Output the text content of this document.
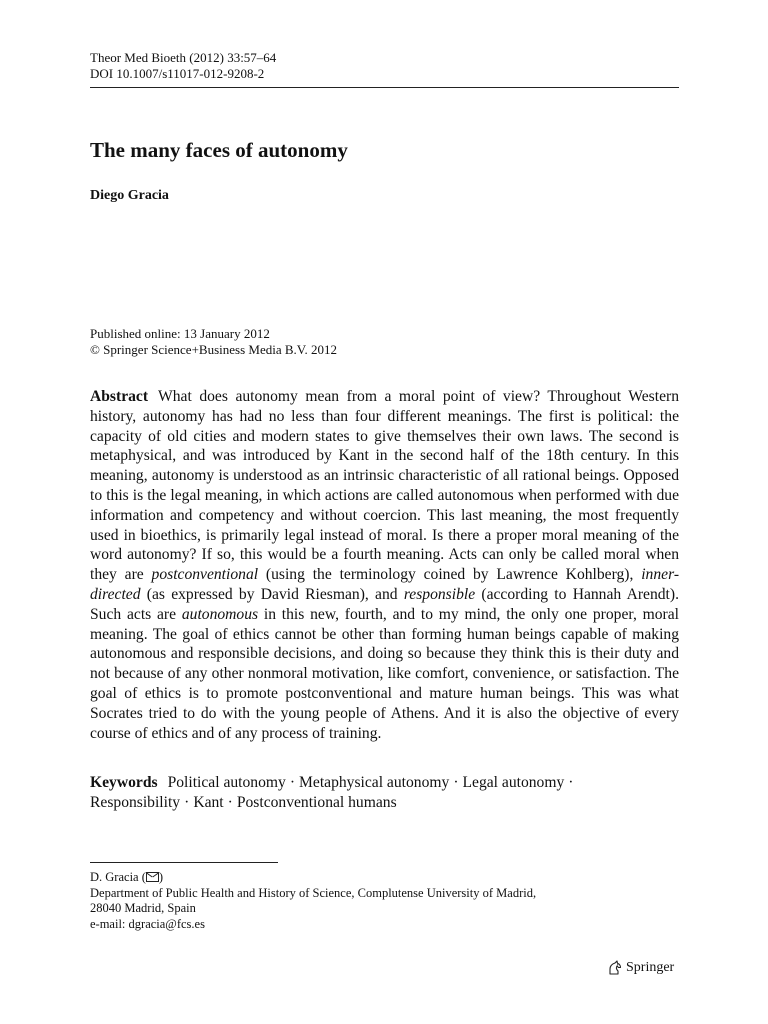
Theor Med Bioeth (2012) 33:57–64
DOI 10.1007/s11017-012-9208-2
The many faces of autonomy
Diego Gracia
Published online: 13 January 2012
© Springer Science+Business Media B.V. 2012

Abstract What does autonomy mean from a moral point of view? Throughout Western history, autonomy has had no less than four different meanings. The first is political: the capacity of old cities and modern states to give themselves their own laws. The second is metaphysical, and was introduced by Kant in the second half of the 18th century. In this meaning, autonomy is understood as an intrinsic characteristic of all rational beings. Opposed to this is the legal meaning, in which actions are called autonomous when performed with due information and competency and without coercion. This last meaning, the most frequently used in bioethics, is primarily legal instead of moral. Is there a proper moral meaning of the word autonomy? If so, this would be a fourth meaning. Acts can only be called moral when they are postconventional (using the terminology coined by Lawrence Kohlberg), inner-directed (as expressed by David Riesman), and responsible (according to Hannah Arendt). Such acts are autonomous in this new, fourth, and to my mind, the only one proper, moral meaning. The goal of ethics cannot be other than forming human beings capable of making autonomous and responsible decisions, and doing so because they think this is their duty and not because of any other nonmoral motivation, like comfort, convenience, or satisfaction. The goal of ethics is to promote postconventional and mature human beings. This was what Socrates tried to do with the young people of Athens. And it is also the objective of every course of ethics and of any process of training.

Keywords Political autonomy · Metaphysical autonomy · Legal autonomy ·
Responsibility · Kant · Postconventional humans

D. Gracia ( )
Department of Public Health and History of Science, Complutense University of Madrid,
28040 Madrid, Spain
e-mail: dgracia@fcs.es
Springer
